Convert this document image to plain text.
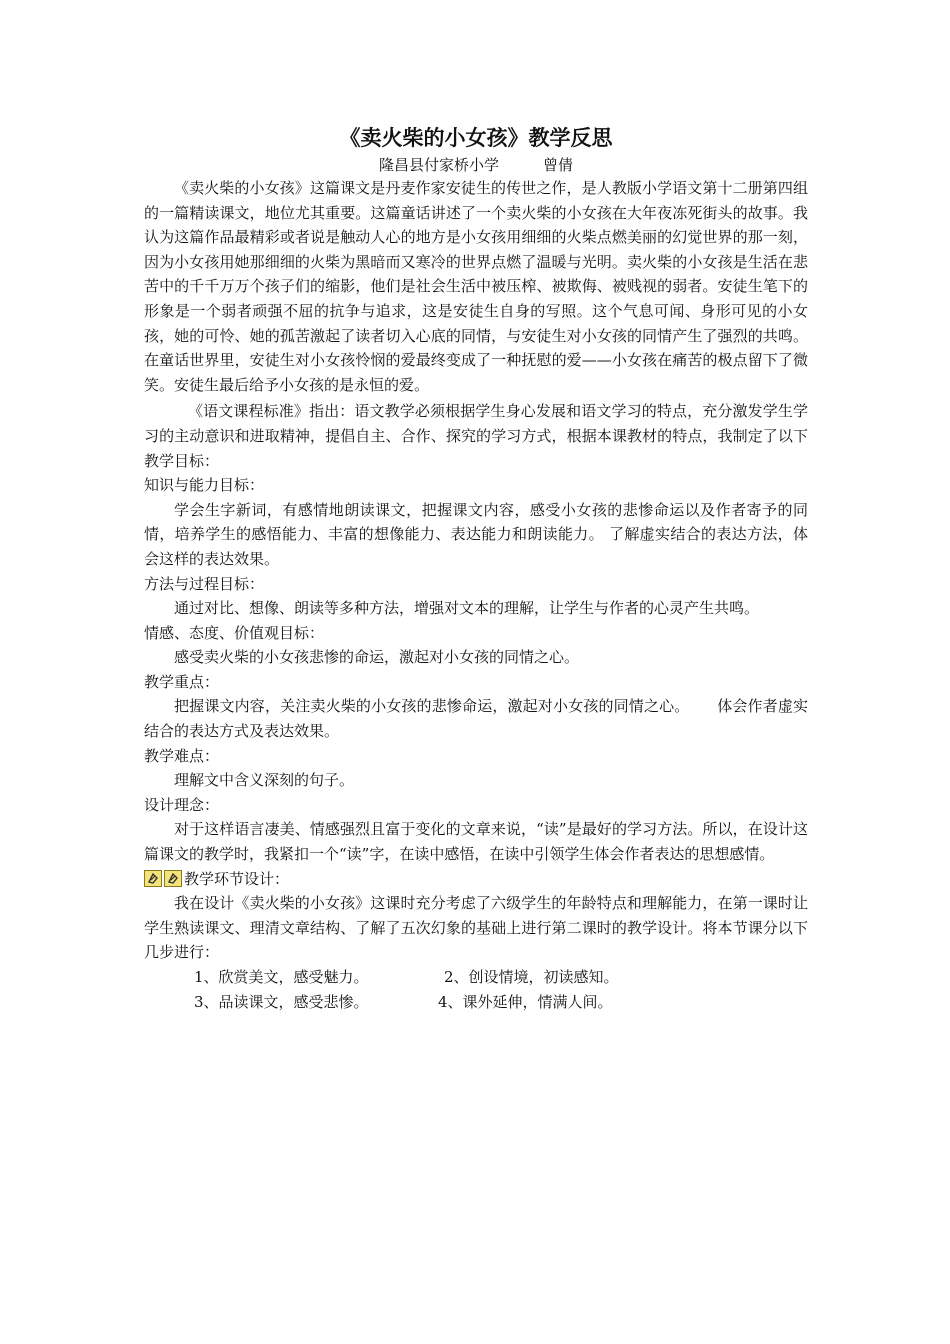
《卖火柴的小女孩》教学反思

隆昌县付家桥小学	曾倩

《卖火柴的小女孩》这篇课文是丹麦作家安徒生的传世之作，是人教版小学语文第十二册第四组的一篇精读课文，地位尤其重要。这篇童话讲述了一个卖火柴的小女孩在大年夜冻死街头的故事。我认为这篇作品最精彩或者说是触动人心的地方是小女孩用细细的火柴点燃美丽的幻觉世界的那一刻，因为小女孩用她那细细的火柴为黑暗而又寒冷的世界点燃了温暖与光明。卖火柴的小女孩是生活在悲苦中的千千万万个孩子们的缩影，他们是社会生活中被压榨、被欺侮、被贱视的弱者。安徒生笔下的形象是一个弱者顽强不屈的抗争与追求，这是安徒生自身的写照。这个气息可闻、身形可见的小女孩，她的可怜、她的孤苦激起了读者切入心底的同情，与安徒生对小女孩的同情产生了强烈的共鸣。在童话世界里，安徒生对小女孩怜悯的爱最终变成了一种抚慰的爱——小女孩在痛苦的极点留下了微笑。安徒生最后给予小女孩的是永恒的爱。

《语文课程标准》指出：语文教学必须根据学生身心发展和语文学习的特点，充分激发学生学习的主动意识和进取精神，提倡自主、合作、探究的学习方式，根据本课教材的特点，我制定了以下教学目标：

知识与能力目标：

学会生字新词，有感情地朗读课文，把握课文内容，感受小女孩的悲惨命运以及作者寄予的同情，培养学生的感悟能力、丰富的想像能力、表达能力和朗读能力。 了解虚实结合的表达方法，体会这样的表达效果。

方法与过程目标：

通过对比、想像、朗读等多种方法，增强对文本的理解，让学生与作者的心灵产生共鸣。

情感、态度、价值观目标：

感受卖火柴的小女孩悲惨的命运，激起对小女孩的同情之心。

教学重点：

把握课文内容，关注卖火柴的小女孩的悲惨命运，激起对小女孩的同情之心。　　 体会作者虚实结合的表达方式及表达效果。

教学难点：

理解文中含义深刻的句子。

设计理念：

对于这样语言凄美、情感强烈且富于变化的文章来说，“读”是最好的学习方法。所以，在设计这篇课文的教学时，我紧扣一个“读”字，在读中感悟，在读中引领学生体会作者表达的思想感情。

教学环节设计：

我在设计《卖火柴的小女孩》这课时充分考虑了六级学生的年龄特点和理解能力，在第一课时让学生熟读课文、理清文章结构、了解了五次幻象的基础上进行第二课时的教学设计。将本节课分以下几步进行：

1、欣赏美文，感受魅力。	2、创设情境，初读感知。

3、品读课文，感受悲惨。	4、课外延伸，情满人间。
